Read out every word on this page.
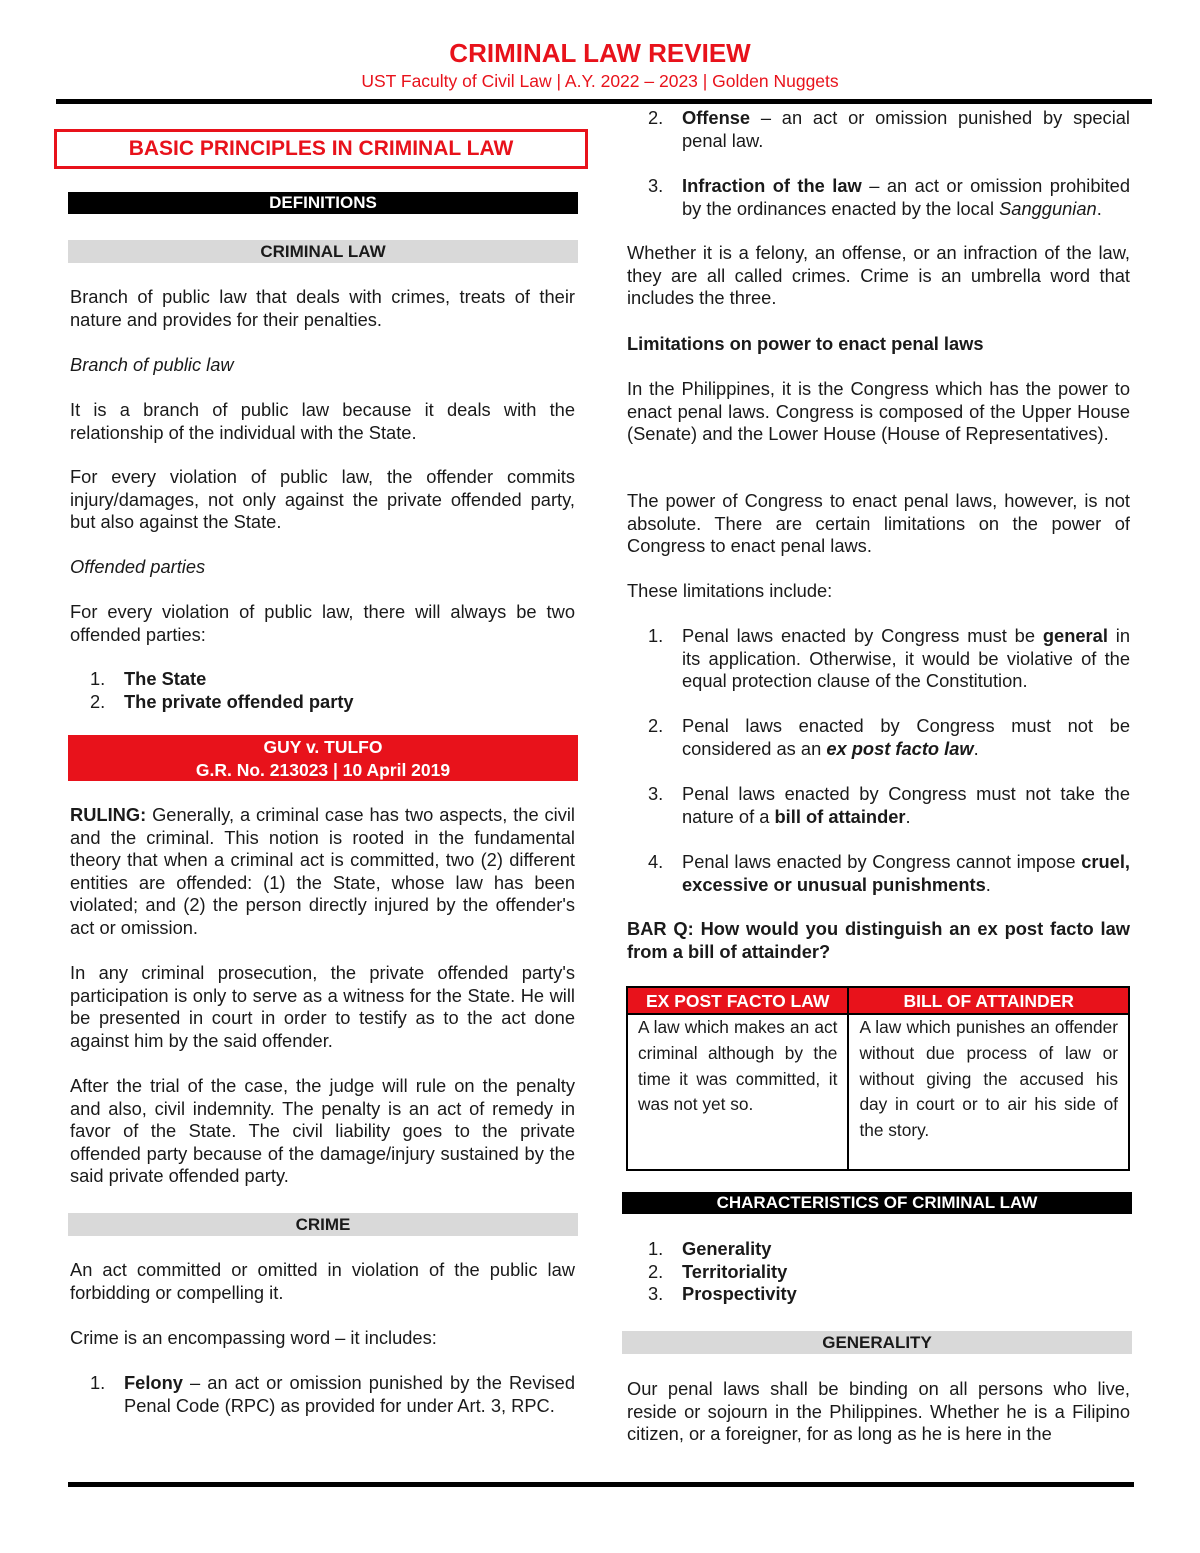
CRIMINAL LAW REVIEW
UST Faculty of Civil Law | A.Y. 2022 – 2023 | Golden Nuggets
BASIC PRINCIPLES IN CRIMINAL LAW
DEFINITIONS
CRIMINAL LAW

Branch of public law that deals with crimes, treats of their nature and provides for their penalties.

Branch of public law

It is a branch of public law because it deals with the relationship of the individual with the State.

For every violation of public law, the offender commits injury/damages, not only against the private offended party, but also against the State.

Offended parties

For every violation of public law, there will always be two offended parties:

1. The State
2. The private offended party
GUY v. TULFO
G.R. No. 213023 | 10 April 2019

RULING: Generally, a criminal case has two aspects, the civil and the criminal. This notion is rooted in the fundamental theory that when a criminal act is committed, two (2) different entities are offended: (1) the State, whose law has been violated; and (2) the person directly injured by the offender's act or omission.

In any criminal prosecution, the private offended party's participation is only to serve as a witness for the State. He will be presented in court in order to testify as to the act done against him by the said offender.

After the trial of the case, the judge will rule on the penalty and also, civil indemnity. The penalty is an act of remedy in favor of the State. The civil liability goes to the private offended party because of the damage/injury sustained by the said private offended party.

CRIME

An act committed or omitted in violation of the public law forbidding or compelling it.

Crime is an encompassing word – it includes:

1. Felony – an act or omission punished by the Revised Penal Code (RPC) as provided for under Art. 3, RPC.
2. Offense – an act or omission punished by special penal law.
3. Infraction of the law – an act or omission prohibited by the ordinances enacted by the local Sanggunian.

Whether it is a felony, an offense, or an infraction of the law, they are all called crimes. Crime is an umbrella word that includes the three.

Limitations on power to enact penal laws

In the Philippines, it is the Congress which has the power to enact penal laws. Congress is composed of the Upper House (Senate) and the Lower House (House of Representatives).

The power of Congress to enact penal laws, however, is not absolute. There are certain limitations on the power of Congress to enact penal laws.

These limitations include:

1. Penal laws enacted by Congress must be general in its application. Otherwise, it would be violative of the equal protection clause of the Constitution.
2. Penal laws enacted by Congress must not be considered as an ex post facto law.
3. Penal laws enacted by Congress must not take the nature of a bill of attainder.
4. Penal laws enacted by Congress cannot impose cruel, excessive or unusual punishments.

BAR Q: How would you distinguish an ex post facto law from a bill of attainder?

EX POST FACTO LAW	BILL OF ATTAINDER
A law which makes an act criminal although by the time it was committed, it was not yet so.	A law which punishes an offender without due process of law or without giving the accused his day in court or to air his side of the story.
CHARACTERISTICS OF CRIMINAL LAW
1. Generality
2. Territoriality
3. Prospectivity
GENERALITY

Our penal laws shall be binding on all persons who live, reside or sojourn in the Philippines. Whether he is a Filipino citizen, or a foreigner, for as long as he is here in the
